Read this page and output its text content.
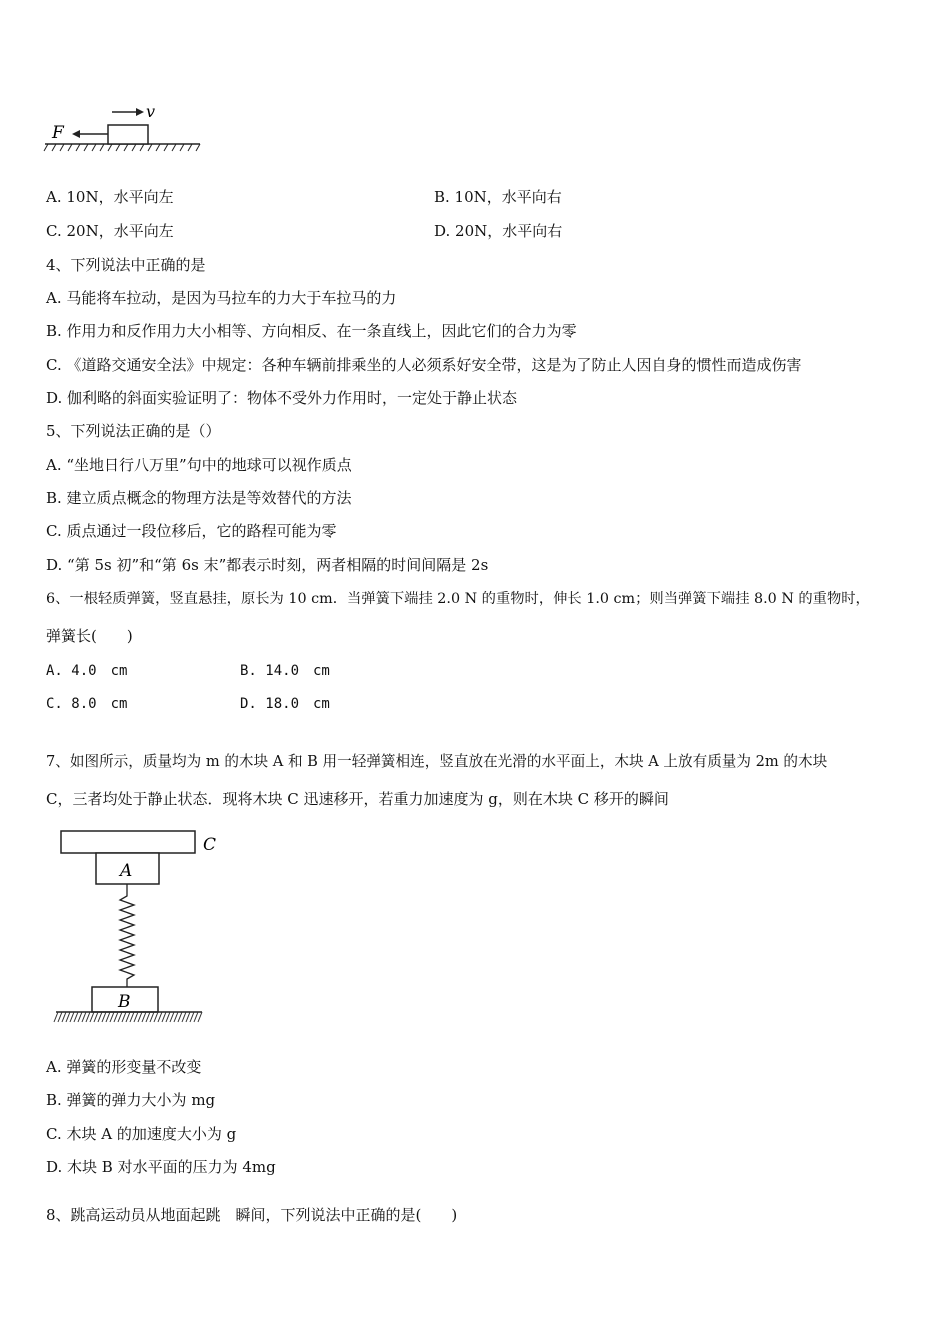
F
v
A. 10N，水平向左	B. 10N，水平向右
C. 20N，水平向左	D. 20N，水平向右
4、下列说法中正确的是
A. 马能将车拉动，是因为马拉车的力大于车拉马的力
B. 作用力和反作用力大小相等、方向相反、在一条直线上，因此它们的合力为零
C. 《道路交通安全法》中规定：各种车辆前排乘坐的人必须系好安全带，这是为了防止人因自身的惯性而造成伤害
D. 伽利略的斜面实验证明了：物体不受外力作用时，一定处于静止状态
5、下列说法正确的是（）
A. “坐地日行八万里”句中的地球可以视作质点
B. 建立质点概念的物理方法是等效替代的方法
C. 质点通过一段位移后，它的路程可能为零
D. “第 5s 初”和“第 6s 末”都表示时刻，两者相隔的时间间隔是 2s
6、一根轻质弹簧，竖直悬挂，原长为 10 cm．当弹簧下端挂 2.0 N 的重物时，伸长 1.0 cm；则当弹簧下端挂 8.0 N 的重物时，
弹簧长(　　)
A. 4.0　cm	B. 14.0　cm
C. 8.0　cm	D. 18.0　cm
7、如图所示，质量均为 m 的木块 A 和 B 用一轻弹簧相连，竖直放在光滑的水平面上，木块 A 上放有质量为 2m 的木块
C，三者均处于静止状态．现将木块 C 迅速移开，若重力加速度为 g，则在木块 C 移开的瞬间
C
A
B
A. 弹簧的形变量不改变
B. 弹簧的弹力大小为 mg
C. 木块 A 的加速度大小为 g
D. 木块 B 对水平面的压力为 4mg
8、跳高运动员从地面起跳　瞬间，下列说法中正确的是(　　)
